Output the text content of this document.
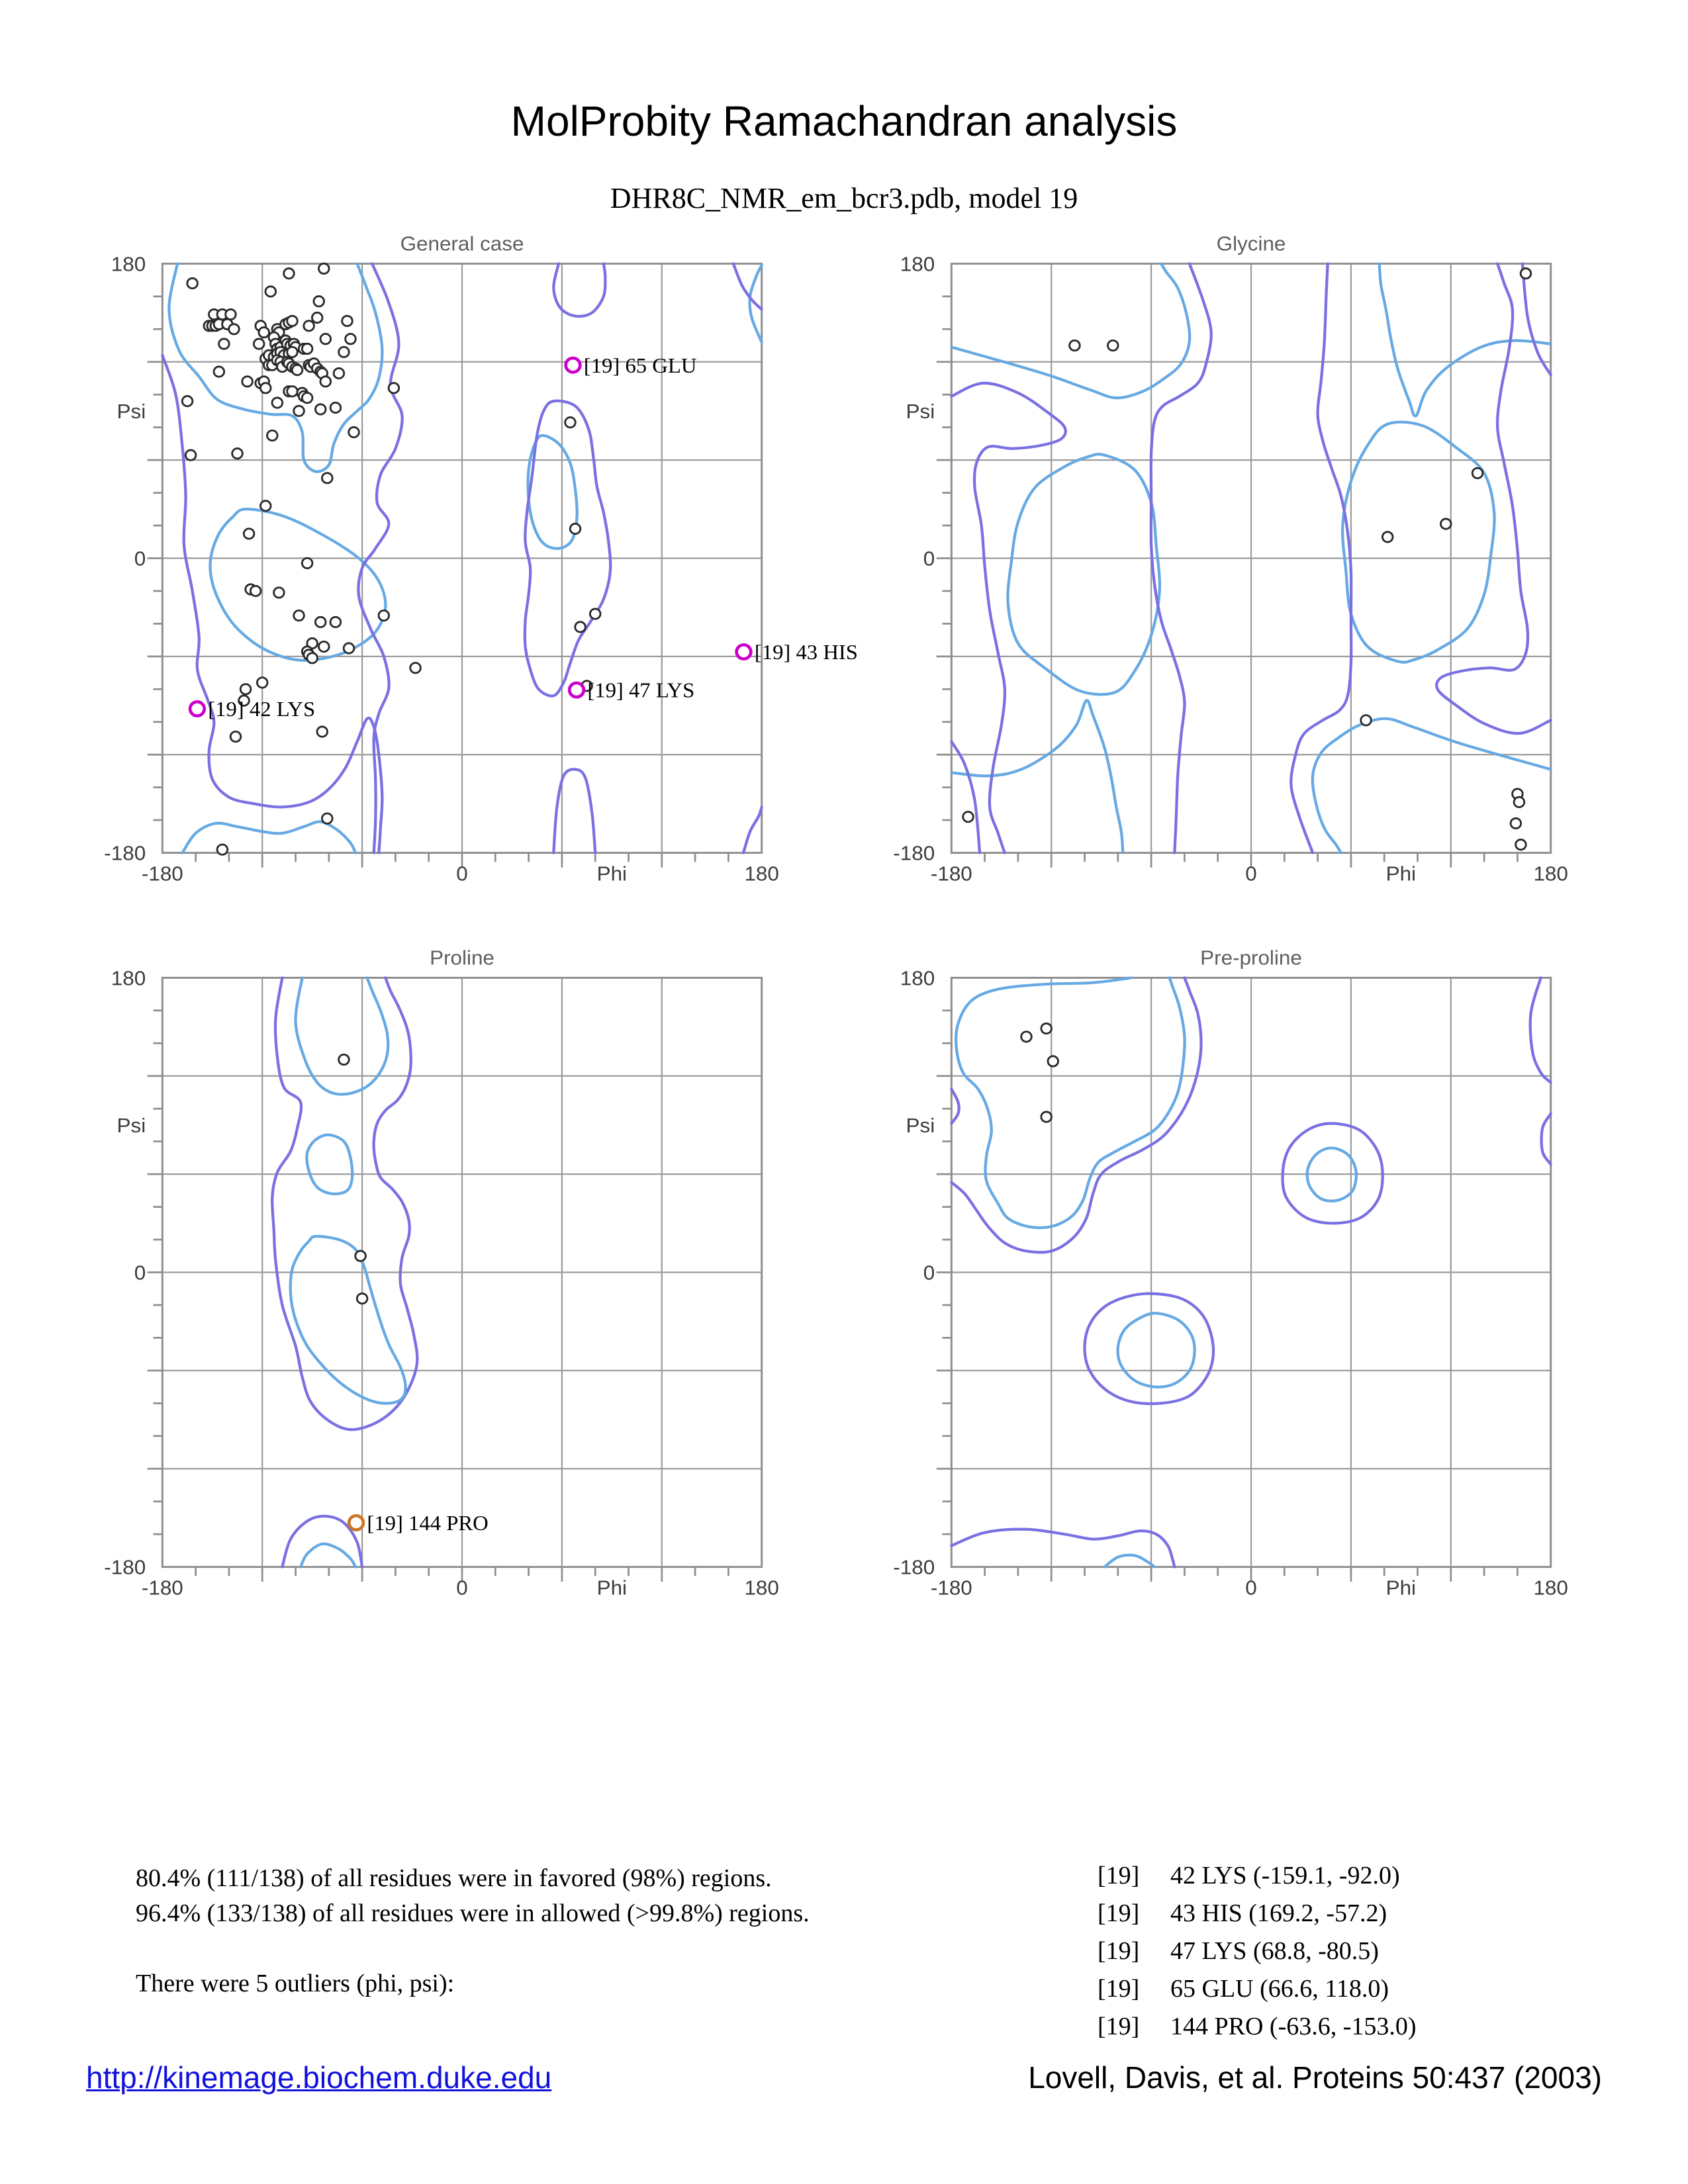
MolProbity Ramachandran analysis
DHR8C_NMR_em_bcr3.pdb, model 19
-180
-180
0
0
180
180
Psi
Phi
General case
[19] 42 LYS
[19] 43 HIS
[19] 47 LYS
[19] 65 GLU
-180
-180
0
0
180
180
Psi
Phi
Glycine
-180
-180
0
0
180
180
Psi
Phi
Proline
[19] 144 PRO
-180
-180
0
0
180
180
Psi
Phi
Pre-proline
80.4% (111/138) of all residues were in favored (98%) regions.
96.4% (133/138) of all residues were in allowed (>99.8%) regions.
There were 5 outliers (phi, psi):
[19]	42 LYS (-159.1, -92.0)
[19]	43 HIS (169.2, -57.2)
[19]	47 LYS (68.8, -80.5)
[19]	65 GLU (66.6, 118.0)
[19]	144 PRO (-63.6, -153.0)
http://kinemage.biochem.duke.edu	Lovell, Davis, et al. Proteins 50:437 (2003)
